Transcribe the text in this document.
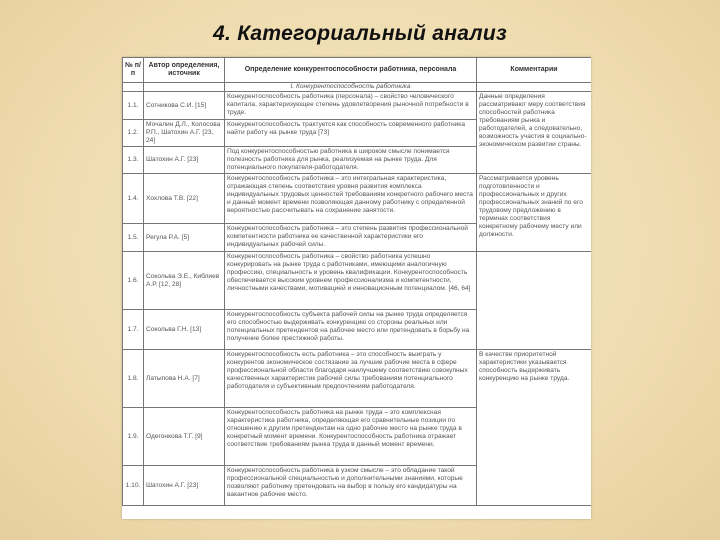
4. Категориальный анализ
№ п/п	Автор определения, источник	Определение конкурентоспособности работника, персонала	Комментарии
		I. Конкурентоспособность работника	
1.1.	Сотникова С.И. [15]	Конкурентоспособность работника (персонала) – свойство человеческого капитала, характеризующее степень удовлетворения рыночной потребности в труде.	Данные определения рассматривают меру соответствия способностей работника требованиям рынка и работодателей, а следовательно, возможность участия в социально-экономическом развитии страны.
1.2.	Мочалин Д.Л., Колосова Р.П., Шатохин А.Г. [23, 24]	Конкурентоспособность трактуется как способность современного работника найти работу на рынке труда [73]	
1.3.	Шатохин А.Г. [23]	Под конкурентоспособностью работника в широком смысле понимается полезность работника для рынка, реализуемая на рынке труда. Для потенциального покупателя-работодателя.	
1.4.	Хохлова Т.В. [22]	Конкурентоспособность работника – это интегральная характеристика, отражающая степень соответствия уровня развития комплекса индивидуальных трудовых ценностей требованиям конкретного рабочего места и данный момент времени позволяющая данному работнику с определенной вероятностью рассчитывать на сохранение занятости.	Рассматривается уровень подготовленности и профессиональных и других профессиональных знаний по его трудовому предложению в терминах соответствия конкретному рабочему месту или должности.
1.5.	Регула Р.А. [5]	Конкурентоспособность работника – это степень развития профессиональной компетентности работника ее качественной характеристики его индивидуальных рабочей силы.	
1.6.	Сокольва Э.Е., Киблиев А.Р. [12, 28]	Конкурентоспособность работника – свойство работника успешно конкурировать на рынке труда с работниками, имеющими аналогичную профессию, специальность и уровень квалификации. Конкурентоспособность обеспечивается высоким уровнем профессионализма и компетентности, личностными качествами, мотивацией и инновационным потенциалом. [46, 64]	
1.7.	Сокольва Г.Н. [13]	Конкурентоспособность субъекта рабочей силы на рынке труда определяется его способностью выдерживать конкуренцию со стороны реальных или потенциальных претендентов на рабочее место или претендовать в борьбу на получение более престижной работы.	
1.8.	Латыпова Н.А. [7]	Конкурентоспособность есть работника – это способность выиграть у конкурентов экономическое состязание за лучшие рабочие места в сфере профессиональной области благодаря наилучшему соответствию совокупных качественных характеристик рабочей силы требованиям потенциального работодателя и субъективным предпочтениям работодателя.	В качестве приоритетной характеристики указывается способность выдерживать конкуренцию на рынке труда.
1.9.	Одегонкова Т.Г. [9]	Конкурентоспособность работника на рынке труда – это комплексная характеристика работника, определяющая его сравнительные позиции по отношению к другим претендентам на одно рабочее место на рынке труда в конкретный момент времени. Конкурентоспособность работника отражает соответствие требованиям рынка труда в данный момент времени.	
1.10.	Шатохин А.Г. [23]	Конкурентоспособность работника в узком смысле – это обладание такой профессиональной специальностью и дополнительными знаниями, которые позволяют работнику претендовать на выбор в пользу его кандидатуры на вакантное рабочее место.	
